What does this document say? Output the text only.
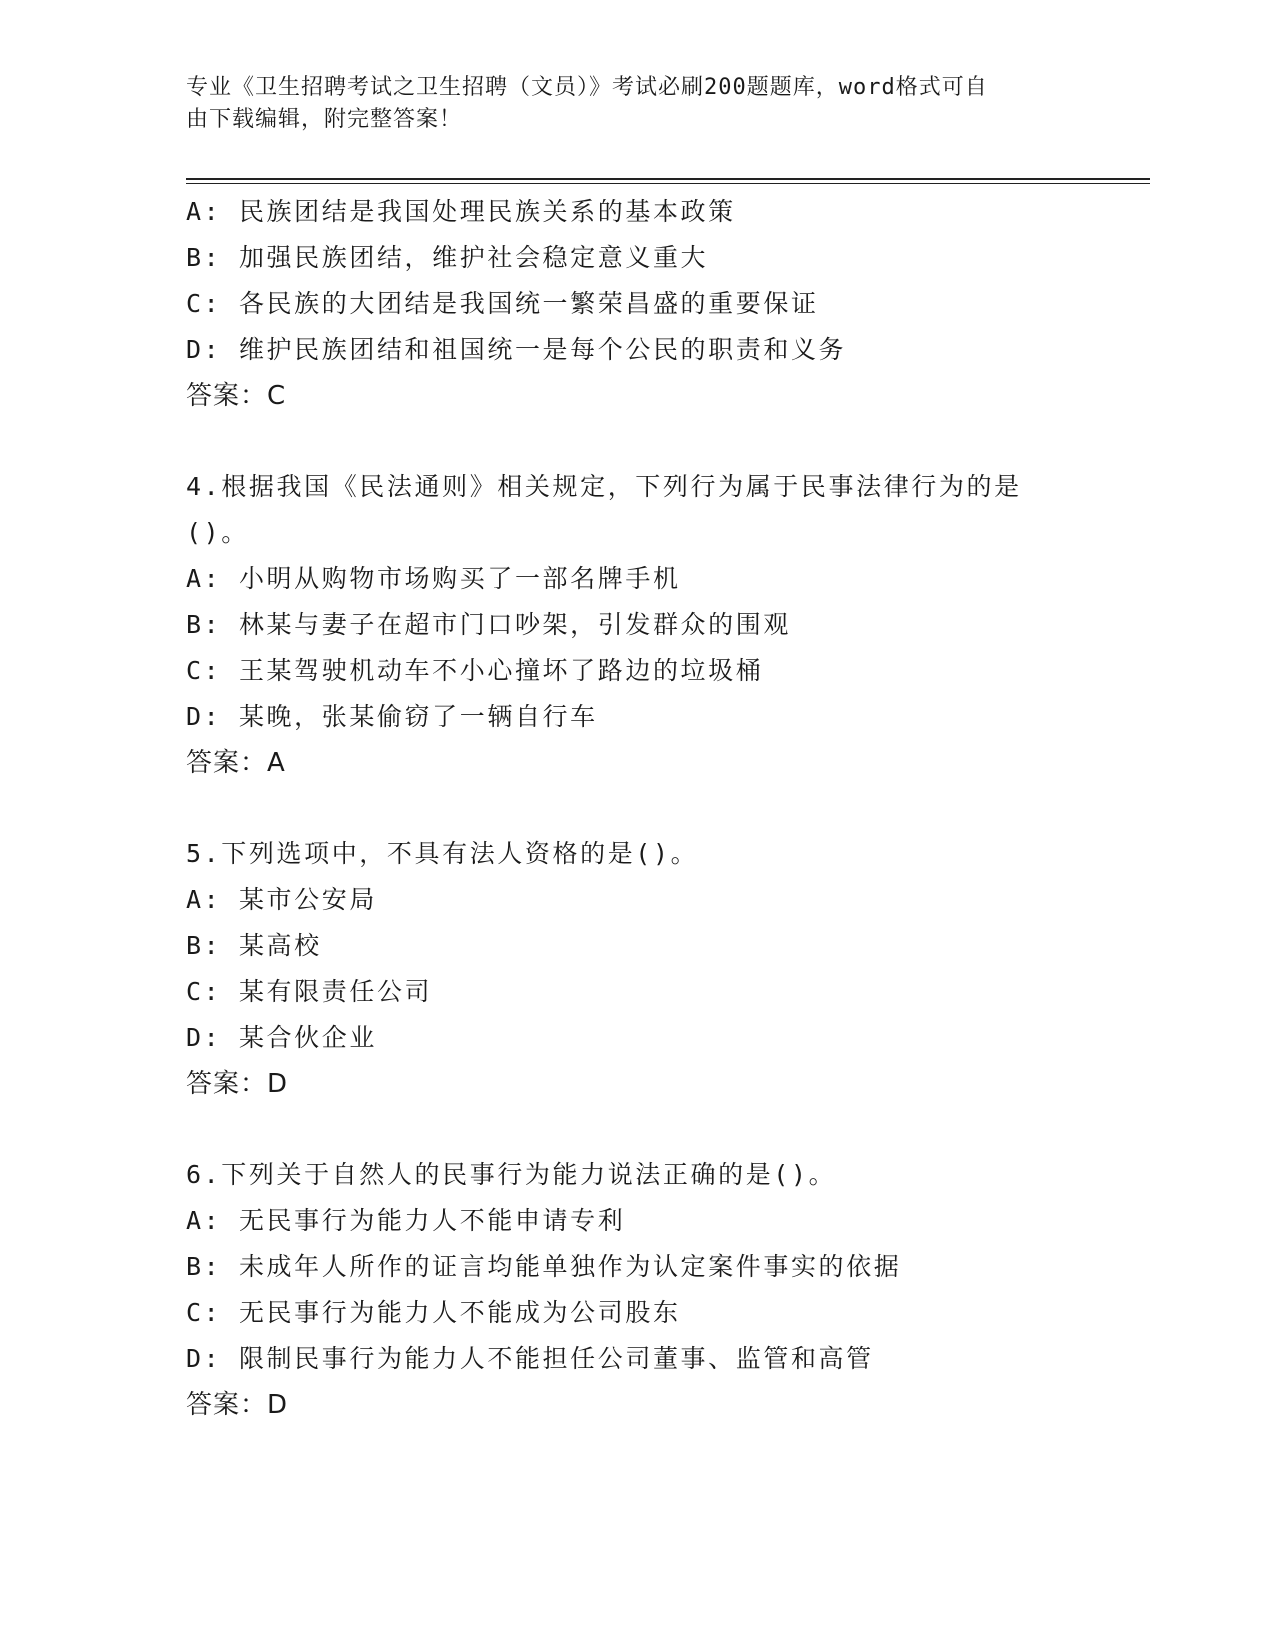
专业《卫生招聘考试之卫生招聘（文员）》考试必刷200题题库，word格式可自
由下载编辑，附完整答案！
A: 民族团结是我国处理民族关系的基本政策
B: 加强民族团结，维护社会稳定意义重大
C: 各民族的大团结是我国统一繁荣昌盛的重要保证
D: 维护民族团结和祖国统一是每个公民的职责和义务
答案：C
4.根据我国《民法通则》相关规定，下列行为属于民事法律行为的是
()。
A: 小明从购物市场购买了一部名牌手机
B: 林某与妻子在超市门口吵架，引发群众的围观
C: 王某驾驶机动车不小心撞坏了路边的垃圾桶
D: 某晚，张某偷窃了一辆自行车
答案：A
5.下列选项中，不具有法人资格的是()。
A: 某市公安局
B: 某高校
C: 某有限责任公司
D: 某合伙企业
答案：D
6.下列关于自然人的民事行为能力说法正确的是()。
A: 无民事行为能力人不能申请专利
B: 未成年人所作的证言均能单独作为认定案件事实的依据
C: 无民事行为能力人不能成为公司股东
D: 限制民事行为能力人不能担任公司董事、监管和高管
答案：D
